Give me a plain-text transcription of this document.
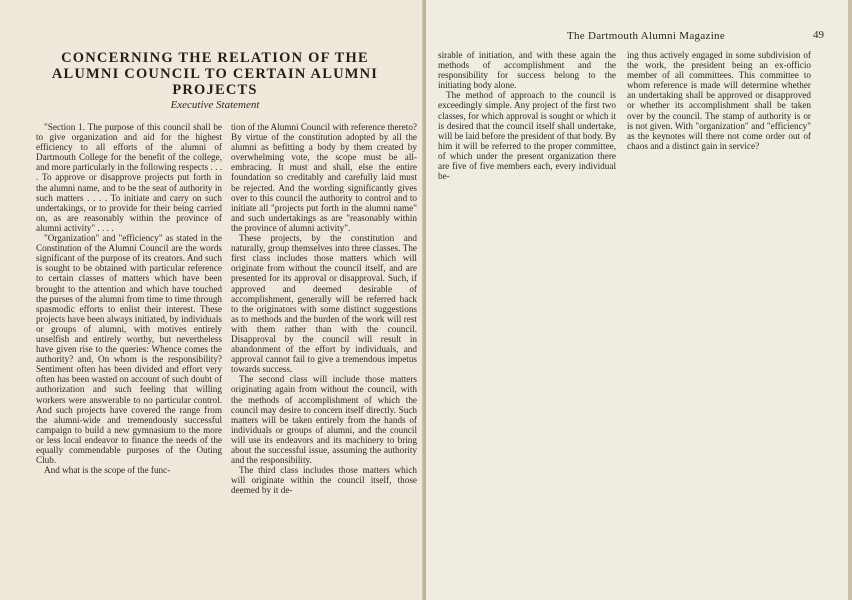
CONCERNING THE RELATION OF THE ALUMNI COUNCIL TO CERTAIN ALUMNI PROJECTS
Executive Statement

"Section 1. The purpose of this council shall be to give organization and aid for the highest efficiency to all efforts of the alumni of Dartmouth College for the benefit of the college, and more particularly in the following respects . . . . To approve or disapprove projects put forth in the alumni name, and to be the seat of authority in such matters . . . . To initiate and carry on such undertakings, or to provide for their being carried on, as are reasonably within the province of alumni activity" . . . .

"Organization" and "efficiency" as stated in the Constitution of the Alumni Council are the words significant of the purpose of its creators. And such is sought to be obtained with particular reference to certain classes of matters which have been brought to the attention and which have touched the purses of the alumni from time to time through spasmodic efforts to enlist their interest. These projects have been always initiated, by individuals or groups of alumni, with motives entirely unselfish and entirely worthy, but nevertheless have given rise to the queries: Whence comes the authority? and, On whom is the responsibility? Sentiment often has been divided and effort very often has been wasted on account of such doubt of authorization and such feeling that willing workers were answerable to no particular control. And such projects have covered the range from the alumni-wide and tremendously successful campaign to build a new gymnasium to the more or less local endeavor to finance the needs of the equally commendable purposes of the Outing Club.

And what is the scope of the func-

tion of the Alumni Council with reference thereto? By virtue of the constitution adopted by all the alumni as befitting a body by them created by overwhelming vote, the scope must be all-embracing. It must and shall, else the entire foundation so creditably and carefully laid must be rejected. And the wording significantly gives over to this council the authority to control and to initiate all "projects put forth in the alumni name" and such undertakings as are "reasonably within the province of alumni activity".

These projects, by the constitution and naturally, group themselves into three classes. The first class includes those matters which will originate from without the council itself, and are presented for its approval or disapproval. Such, if approved and deemed desirable of accomplishment, generally will be referred back to the originators with some distinct suggestions as to methods and the burden of the work will rest with them rather than with the council. Disapproval by the council will result in abandonment of the effort by individuals, and approval cannot fail to give a tremendous impetus towards success.

The second class will include those matters originating again from without the council, with the methods of accomplishment of which the council may desire to concern itself directly. Such matters will be taken entirely from the hands of individuals or groups of alumni, and the council will use its endeavors and its machinery to bring about the successful issue, assuming the authority and the responsibility.

The third class includes those matters which will originate within the council itself, those deemed by it de-

The Dartmouth Alumni Magazine	49

sirable of initiation, and with these again the methods of accomplishment and the responsibility for success belong to the initiating body alone.

The method of approach to the council is exceedingly simple. Any project of the first two classes, for which approval is sought or which it is desired that the council itself shall undertake, will be laid before the president of that body. By him it will be referred to the proper committee, of which under the present organization there are five of five members each, every individual be-

ing thus actively engaged in some subdivision of the work, the president being an ex-officio member of all committees. This committee to whom reference is made will determine whether an undertaking shall be approved or disapproved or whether its accomplishment shall be taken over by the council. The stamp of authority is or is not given. With "organization" and "efficiency" as the keynotes will there not come order out of chaos and a distinct gain in service?
